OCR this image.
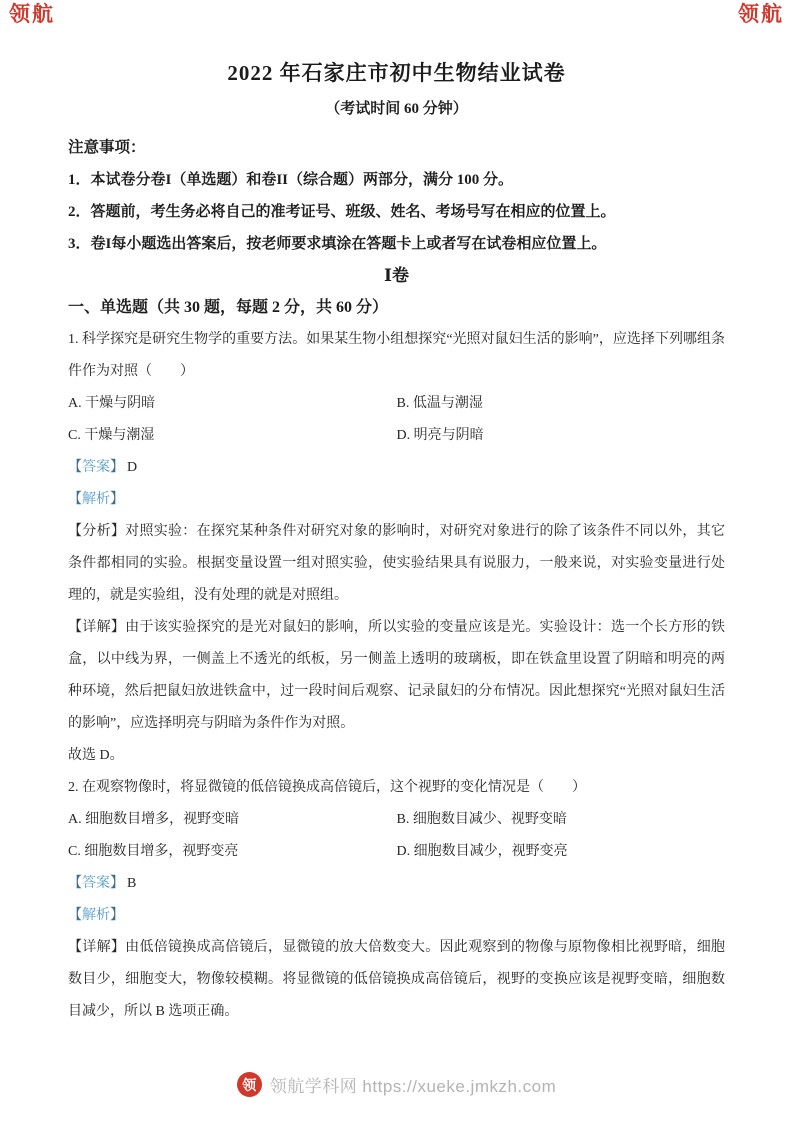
领航	领航
2022 年石家庄市初中生物结业试卷
（考试时间 60 分钟）
注意事项：
1．本试卷分卷I（单选题）和卷II（综合题）两部分，满分 100 分。
2．答题前，考生务必将自己的准考证号、班级、姓名、考场号写在相应的位置上。
3．卷I每小题选出答案后，按老师要求填涂在答题卡上或者写在试卷相应位置上。
Ⅰ卷
一、单选题（共 30 题，每题 2 分，共 60 分）
1. 科学探究是研究生物学的重要方法。如果某生物小组想探究“光照对鼠妇生活的影响”，应选择下列哪组条件作为对照（　　）
A. 干燥与阴暗	B. 低温与潮湿
C. 干燥与潮湿	D. 明亮与阴暗
【答案】 D
【解析】
【分析】对照实验：在探究某种条件对研究对象的影响时，对研究对象进行的除了该条件不同以外，其它条件都相同的实验。根据变量设置一组对照实验，使实验结果具有说服力，一般来说，对实验变量进行处理的，就是实验组，没有处理的就是对照组。
【详解】由于该实验探究的是光对鼠妇的影响，所以实验的变量应该是光。实验设计：选一个长方形的铁盒，以中线为界，一侧盖上不透光的纸板，另一侧盖上透明的玻璃板，即在铁盒里设置了阴暗和明亮的两种环境，然后把鼠妇放进铁盒中，过一段时间后观察、记录鼠妇的分布情况。因此想探究“光照对鼠妇生活的影响”，应选择明亮与阴暗为条件作为对照。
故选 D。
2. 在观察物像时，将显微镜的低倍镜换成高倍镜后，这个视野的变化情况是（　　）
A. 细胞数目增多，视野变暗	B. 细胞数目减少、视野变暗
C. 细胞数目增多，视野变亮	D. 细胞数目减少，视野变亮
【答案】 B
【解析】
【详解】由低倍镜换成高倍镜后，显微镜的放大倍数变大。因此观察到的物像与原物像相比视野暗，细胞数目少，细胞变大，物像较模糊。将显微镜的低倍镜换成高倍镜后，视野的变换应该是视野变暗，细胞数目减少，所以 B 选项正确。
领 领航学科网 https://xueke.jmkzh.com
